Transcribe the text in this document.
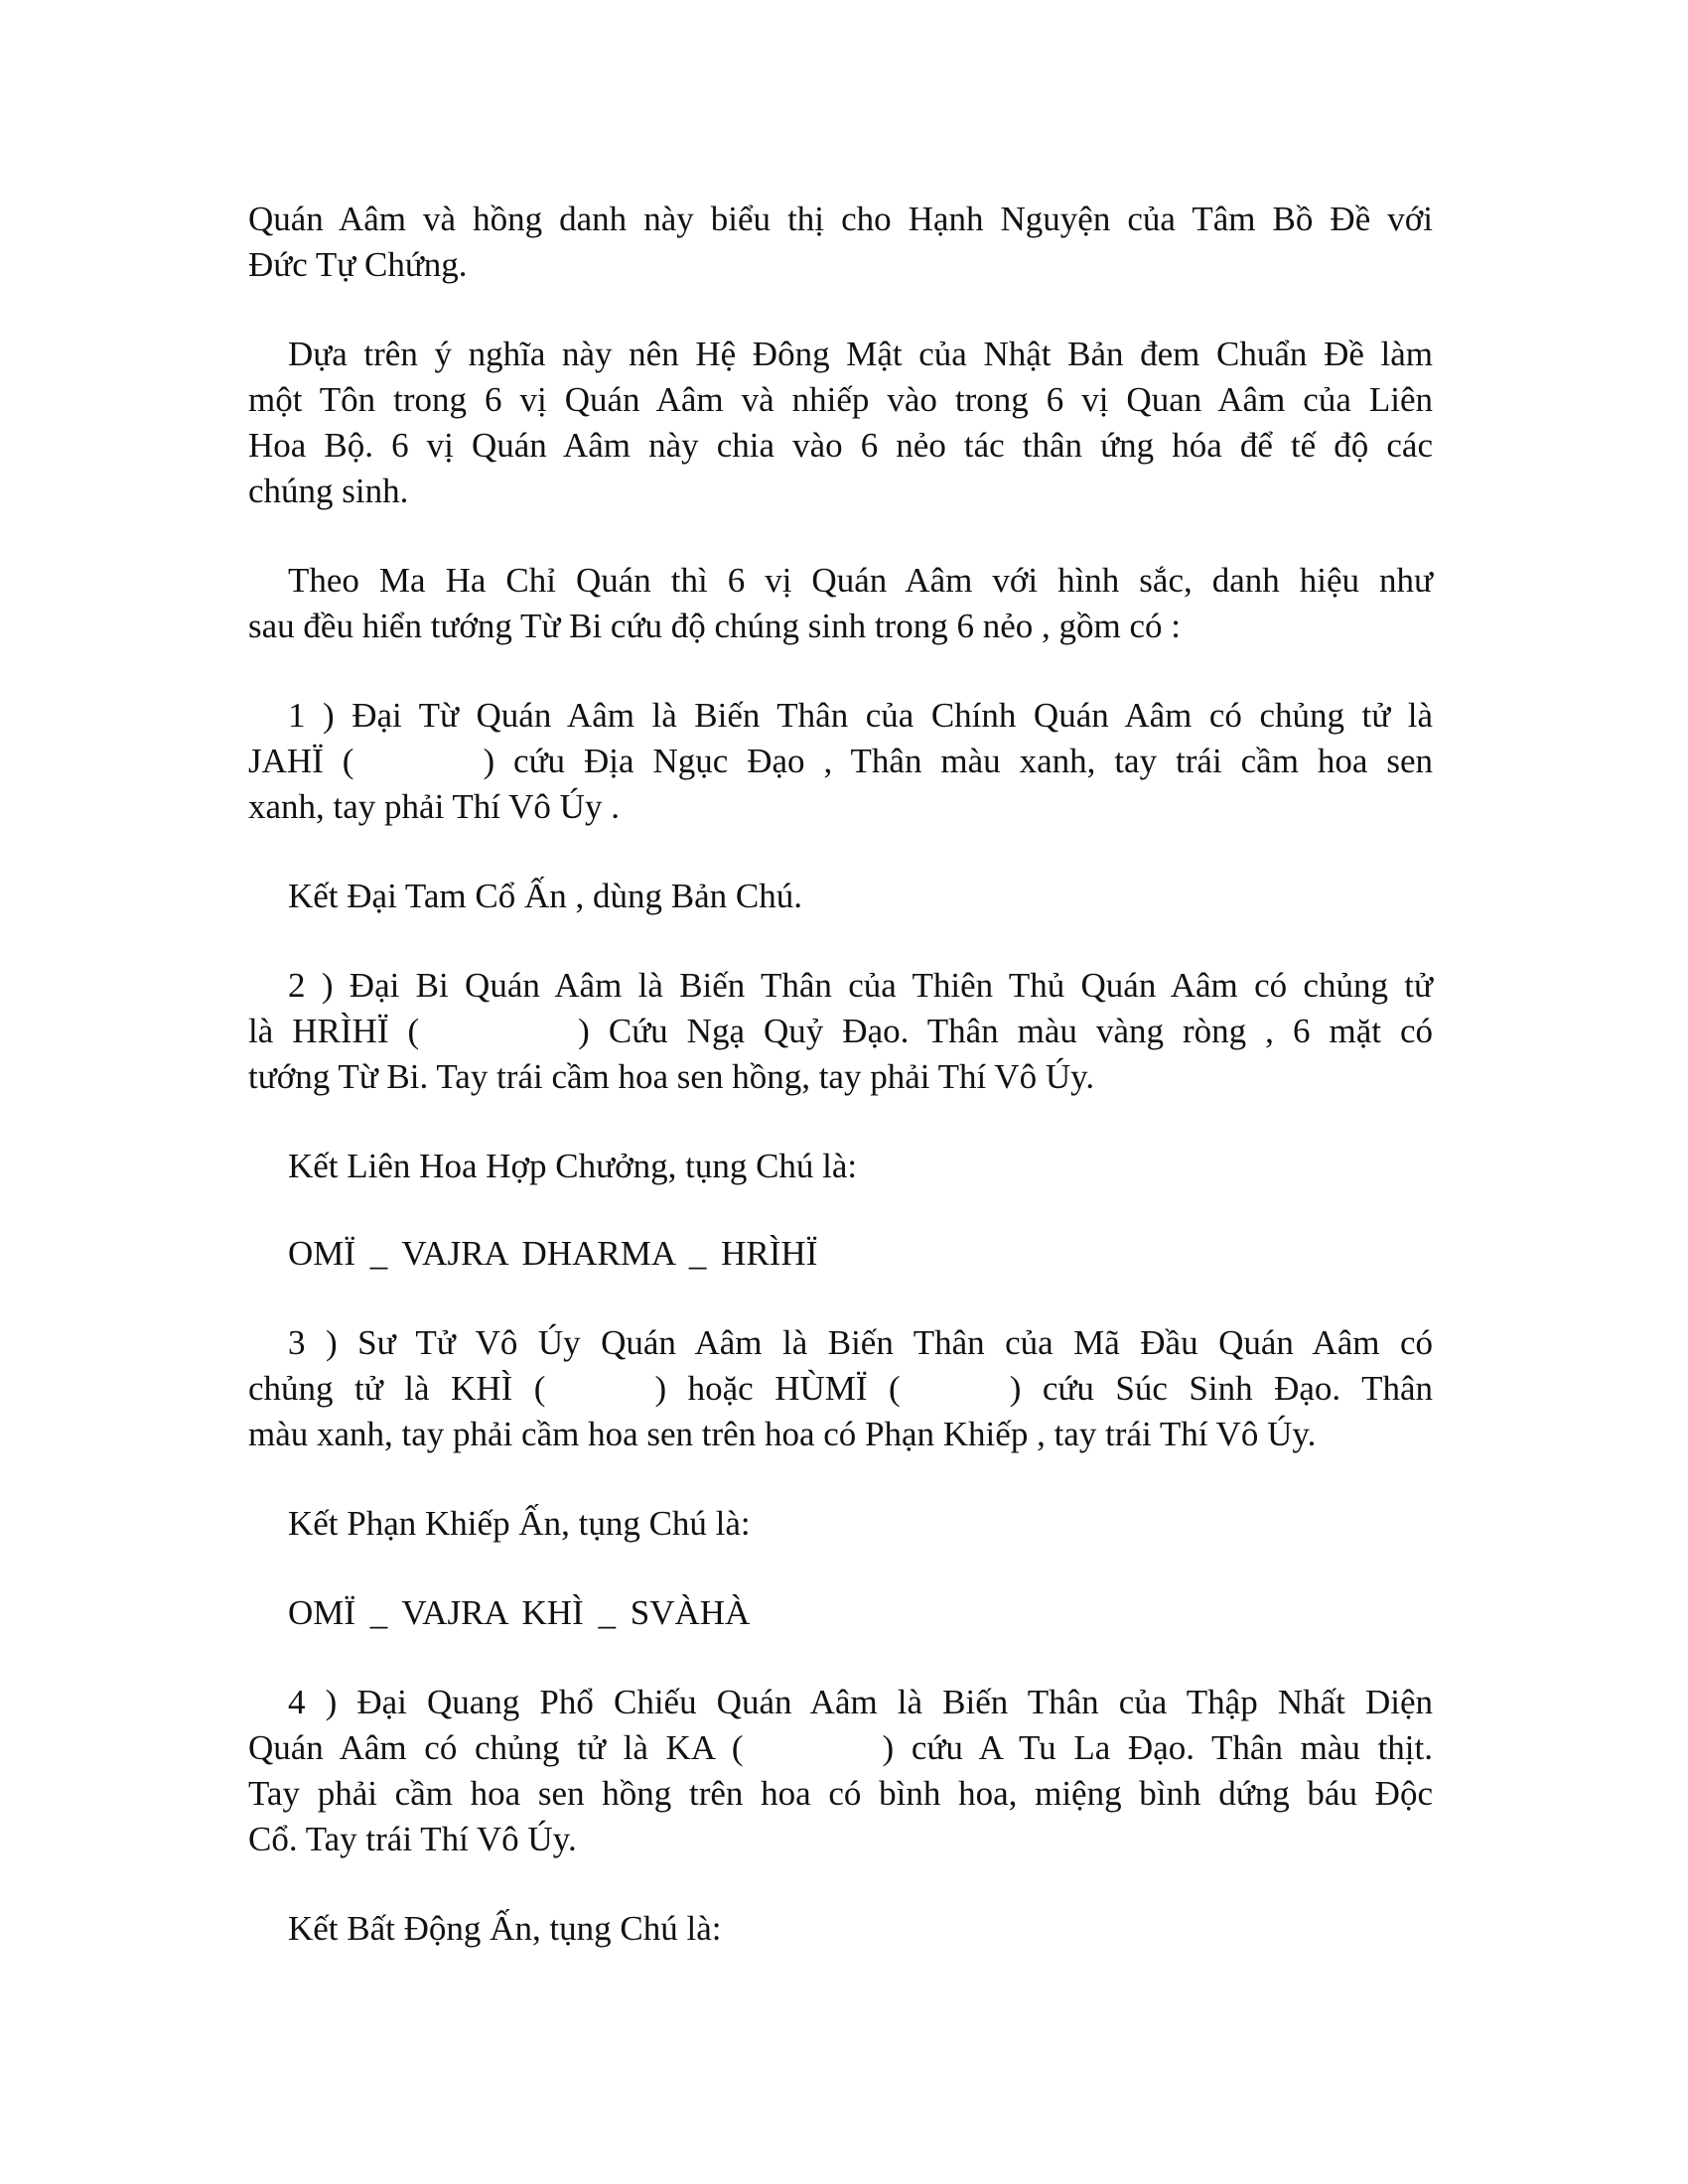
Quán Aâm và hồng danh này biểu thị cho Hạnh Nguyện của Tâm Bồ Đề với
Đức Tự Chứng.
Dựa trên ý nghĩa này nên Hệ Đông Mật của Nhật Bản đem Chuẩn Đề làm
một Tôn trong 6 vị Quán Aâm và nhiếp vào trong 6 vị Quan Aâm của Liên
Hoa Bộ. 6 vị Quán Aâm này chia vào 6 nẻo tác thân ứng hóa để tế độ các
chúng sinh.
Theo Ma Ha Chỉ Quán thì 6 vị Quán Aâm với hình sắc, danh hiệu như
sau đều hiển tướng Từ Bi cứu độ chúng sinh trong 6 nẻo , gồm có :
1 ) Đại Từ Quán Aâm là Biến Thân của Chính Quán Aâm có chủng tử là
JAHÏ (	) cứu Địa Ngục Đạo , Thân màu xanh, tay trái cầm hoa sen
xanh, tay phải Thí Vô Úy .
Kết Đại Tam Cổ Ấn , dùng Bản Chú.
2 ) Đại Bi Quán Aâm là Biến Thân của Thiên Thủ Quán Aâm có chủng tử
là HRÌHÏ (	) Cứu Ngạ Quỷ Đạo. Thân màu vàng ròng , 6 mặt có
tướng Từ Bi. Tay trái cầm hoa sen hồng, tay phải Thí Vô Úy.
Kết Liên Hoa Hợp Chưởng, tụng Chú là:
OMÏ _ VAJRA DHARMA _ HRÌHÏ
3 ) Sư Tử Vô Úy Quán Aâm là Biến Thân của Mã Đầu Quán Aâm có
chủng tử là KHÌ (	) hoặc HÙMÏ (	) cứu Súc Sinh Đạo. Thân
màu xanh, tay phải cầm hoa sen trên hoa có Phạn Khiếp , tay trái Thí Vô Úy.
Kết Phạn Khiếp Ấn, tụng Chú là:
OMÏ _ VAJRA KHÌ _ SVÀHÀ
4 ) Đại Quang Phổ Chiếu Quán Aâm là Biến Thân của Thập Nhất Diện
Quán Aâm có chủng tử là KA (	) cứu A Tu La Đạo. Thân màu thịt.
Tay phải cầm hoa sen hồng trên hoa có bình hoa, miệng bình dứng báu Độc
Cổ. Tay trái Thí Vô Úy.
Kết Bất Động Ấn, tụng Chú là:
